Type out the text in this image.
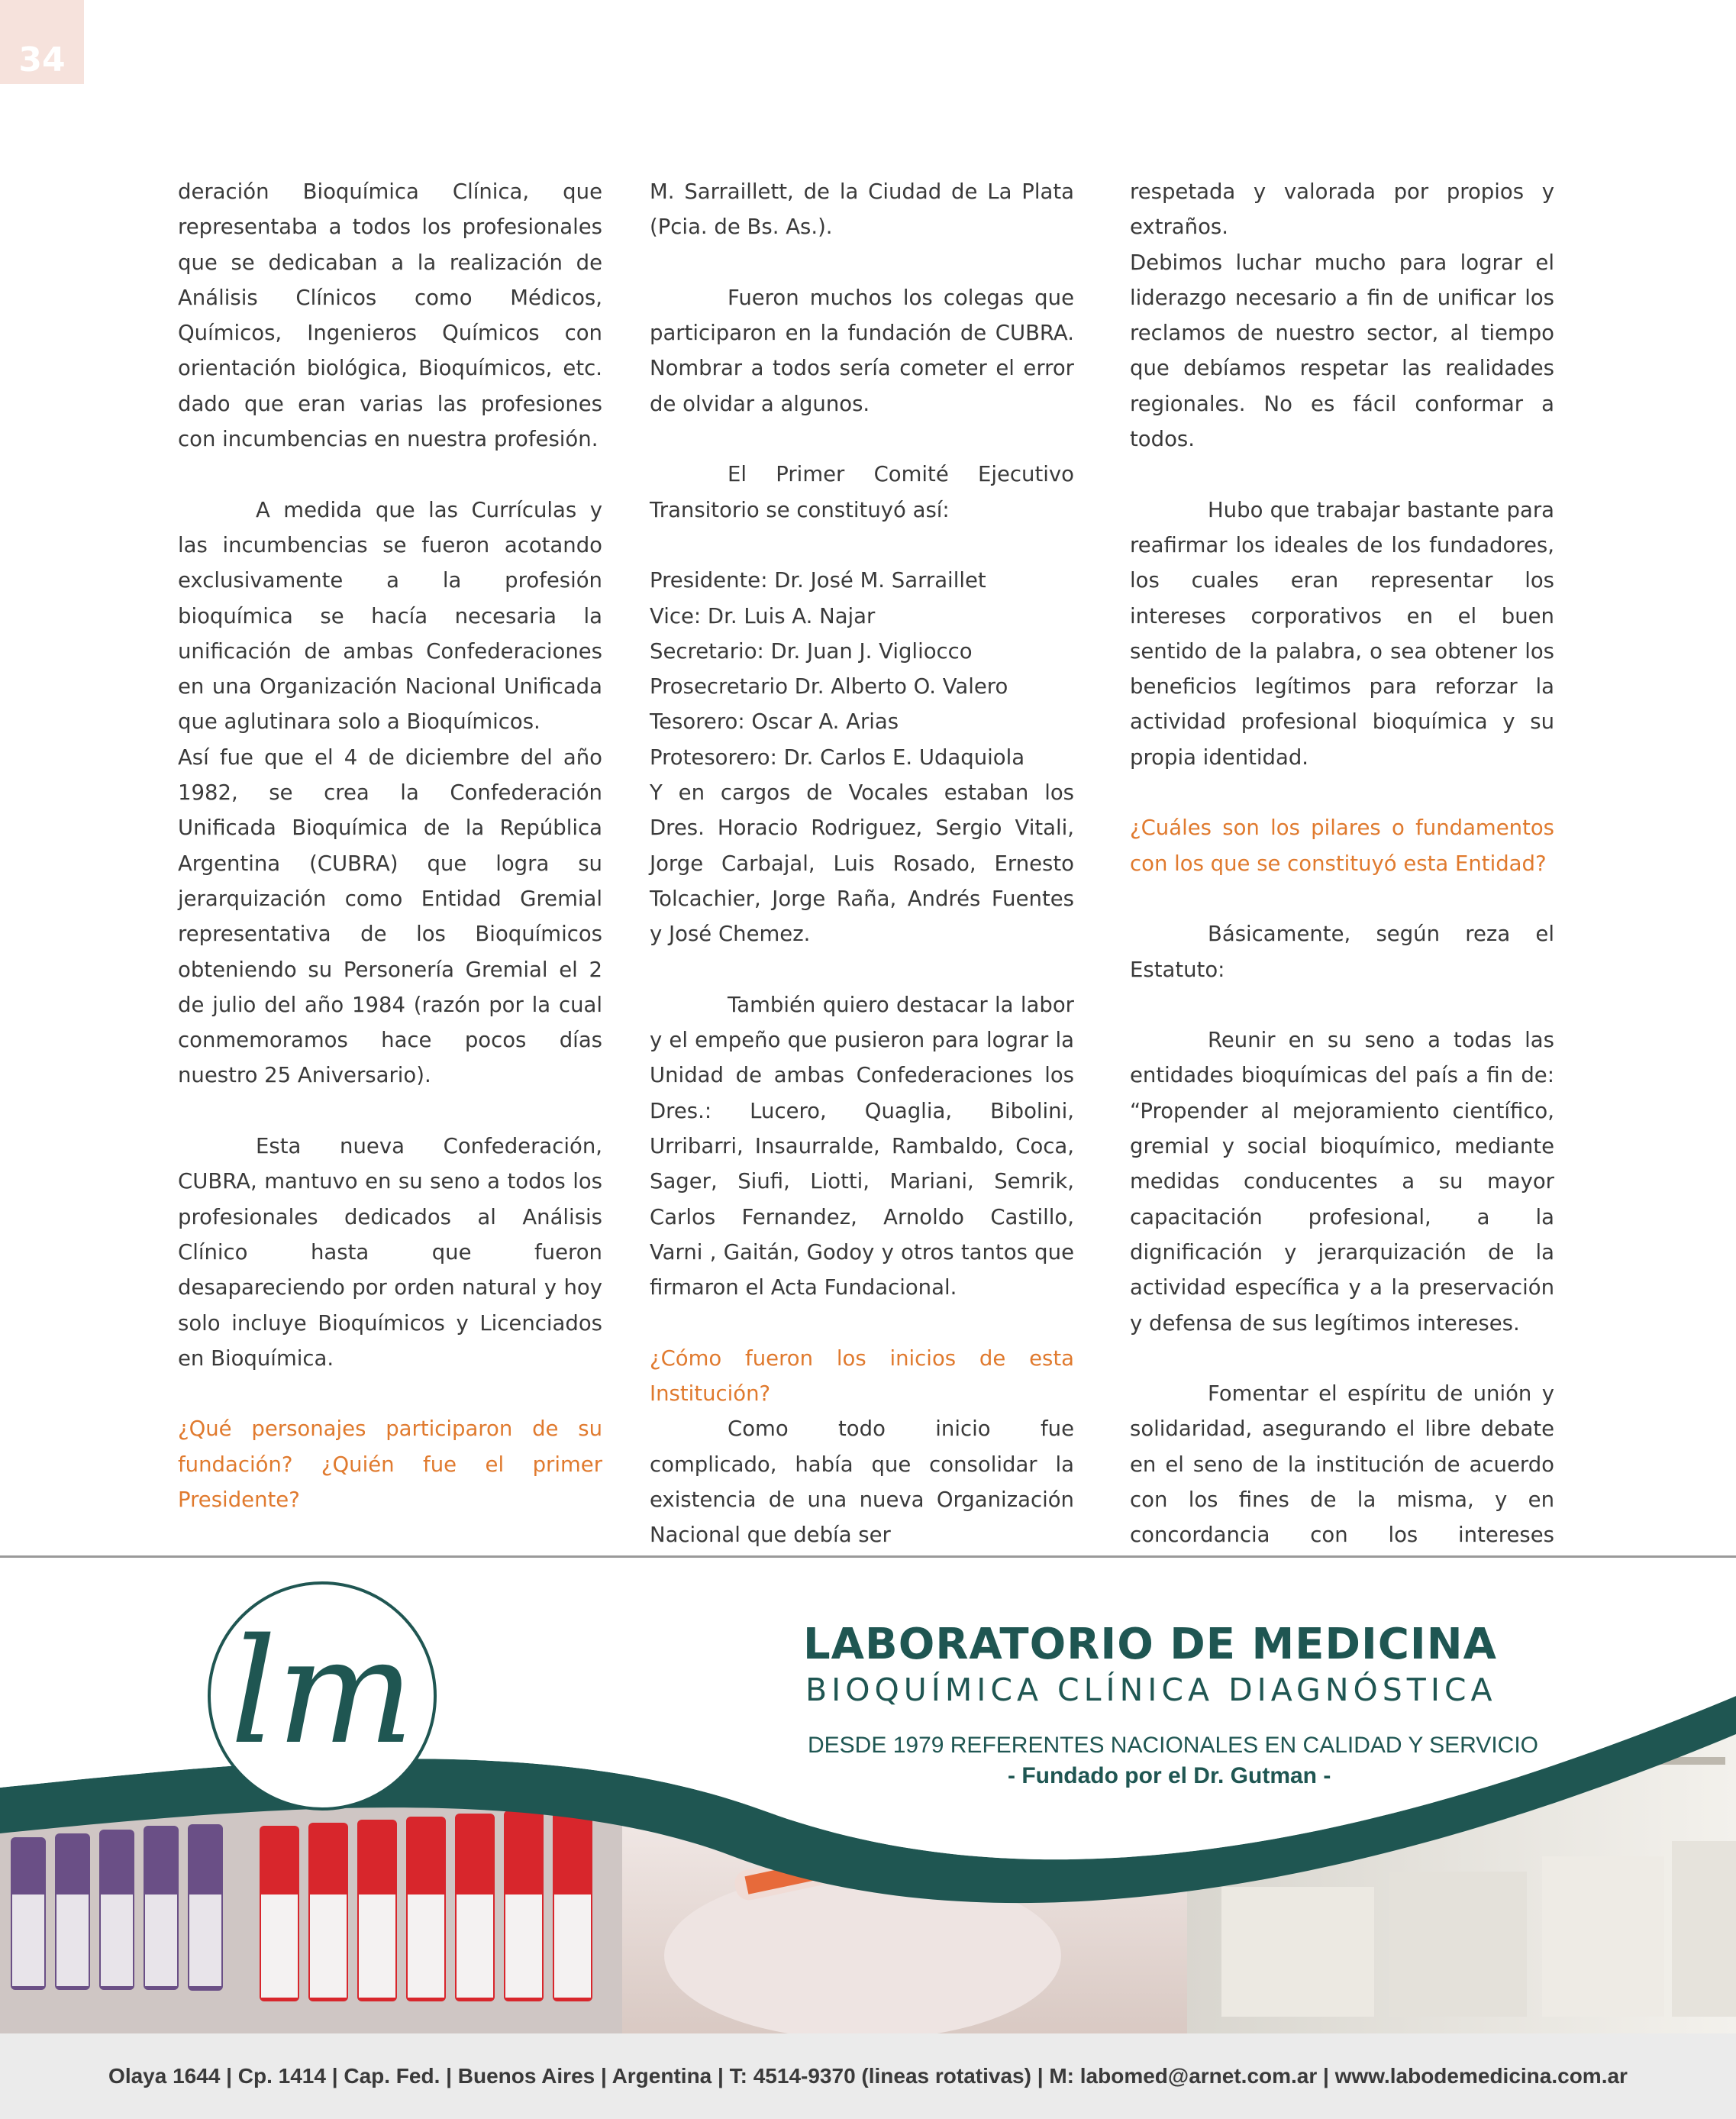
34

deración Bioquímica Clínica, que representaba a todos los profesionales que se dedicaban a la realización de Análisis Clínicos como Médicos, Químicos, Ingenieros Químicos con orientación biológica, Bioquímicos, etc. dado que eran varias las profesiones con incumbencias en nuestra profesión.

A medida que las Currículas y las incumbencias se fueron acotando exclusivamente a la profesión bioquímica se hacía necesaria la unificación de ambas Confederaciones en una Organización Nacional Unificada que aglutinara solo a Bioquímicos.

Así fue que el 4 de diciembre del año 1982, se crea la Confederación Unificada Bioquímica de la República Argentina (CUBRA) que logra su jerarquización como Entidad Gremial representativa de los Bioquímicos obteniendo su Personería Gremial el 2 de julio del año 1984 (razón por la cual conmemoramos hace pocos días nuestro 25 Aniversario).

Esta nueva Confederación, CUBRA, mantuvo en su seno a todos los profesionales dedicados al Análisis Clínico hasta que fueron desapareciendo por orden natural y hoy solo incluye Bioquímicos y Licenciados en Bioquímica.

¿Qué personajes participaron de su fundación? ¿Quién fue el primer Presidente?

M. Sarraillett, de la Ciudad de La Plata (Pcia. de Bs. As.).

Fueron muchos los colegas que participaron en la fundación de CUBRA. Nombrar a todos sería cometer el error de olvidar a algunos.

El Primer Comité Ejecutivo Transitorio se constituyó así:

Presidente: Dr. José M. Sarraillet
Vice: Dr. Luis A. Najar
Secretario: Dr. Juan J. Vigliocco
Prosecretario Dr. Alberto O. Valero
Tesorero: Oscar A. Arias
Protesorero: Dr. Carlos E. Udaquiola

Y en cargos de Vocales estaban los Dres. Horacio Rodriguez, Sergio Vitali, Jorge Carbajal, Luis Rosado, Ernesto Tolcachier, Jorge Raña, Andrés Fuentes y José Chemez.

También quiero destacar la labor y el empeño que pusieron para lograr la Unidad de ambas Confederaciones los Dres.: Lucero, Quaglia, Bibolini, Urribarri, Insaurralde, Rambaldo, Coca, Sager, Siufi, Liotti, Mariani, Semrik, Carlos Fernandez, Arnoldo Castillo, Varni , Gaitán, Godoy y otros tantos que firmaron el Acta Fundacional.

¿Cómo fueron los inicios de esta Institución?

Como todo inicio fue complicado, había que consolidar la existencia de una nueva Organización Nacional que debía ser

respetada y valorada por propios y extraños.

Debimos luchar mucho para lograr el liderazgo necesario a fin de unificar los reclamos de nuestro sector, al tiempo que debíamos respetar las realidades regionales. No es fácil conformar a todos.

Hubo que trabajar bastante para reafirmar los ideales de los fundadores, los cuales eran representar los intereses corporativos en el buen sentido de la palabra, o sea obtener los beneficios legítimos para reforzar la actividad profesional bioquímica y su propia identidad.

¿Cuáles son los pilares o fundamentos con los que se constituyó esta Entidad?

Básicamente, según reza el Estatuto:

Reunir en su seno a todas las entidades bioquímicas del país a fin de: “Propender al mejoramiento científico, gremial y social bioquímico, mediante medidas conducentes a su mayor capacitación profesional, a la dignificación y jerarquización de la actividad específica y a la preservación y defensa de sus legítimos intereses.

Fomentar el espíritu de unión y solidaridad, asegurando el libre debate en el seno de la institución de acuerdo con los fines de la misma, y en concordancia con los intereses

lm	LABORATORIO DE MEDICINA
BIOQUÍMICA CLÍNICA DIAGNÓSTICA
DESDE 1979 REFERENTES NACIONALES EN CALIDAD Y SERVICIO
- Fundado por el Dr. Gutman -
Olaya 1644 | Cp. 1414 | Cap. Fed. | Buenos Aires | Argentina | T: 4514-9370 (lineas rotativas) | M: labomed@arnet.com.ar | www.labodemedicina.com.ar
